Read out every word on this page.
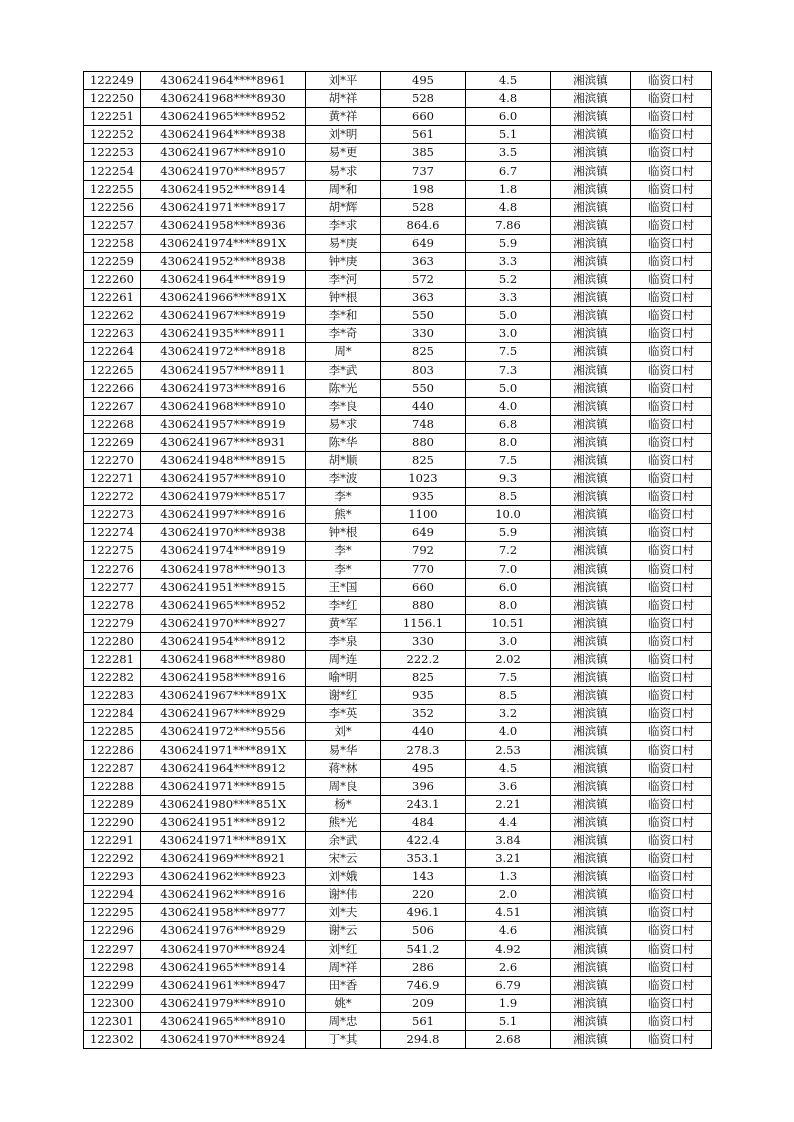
122249	4306241964****8961	刘*平	495	4.5	湘滨镇	临资口村
122250	4306241968****8930	胡*祥	528	4.8	湘滨镇	临资口村
122251	4306241965****8952	黄*祥	660	6.0	湘滨镇	临资口村
122252	4306241964****8938	刘*明	561	5.1	湘滨镇	临资口村
122253	4306241967****8910	易*更	385	3.5	湘滨镇	临资口村
122254	4306241970****8957	易*求	737	6.7	湘滨镇	临资口村
122255	4306241952****8914	周*和	198	1.8	湘滨镇	临资口村
122256	4306241971****8917	胡*辉	528	4.8	湘滨镇	临资口村
122257	4306241958****8936	李*求	864.6	7.86	湘滨镇	临资口村
122258	4306241974****891X	易*庚	649	5.9	湘滨镇	临资口村
122259	4306241952****8938	钟*庚	363	3.3	湘滨镇	临资口村
122260	4306241964****8919	李*河	572	5.2	湘滨镇	临资口村
122261	4306241966****891X	钟*根	363	3.3	湘滨镇	临资口村
122262	4306241967****8919	李*和	550	5.0	湘滨镇	临资口村
122263	4306241935****8911	李*奇	330	3.0	湘滨镇	临资口村
122264	4306241972****8918	周*	825	7.5	湘滨镇	临资口村
122265	4306241957****8911	李*武	803	7.3	湘滨镇	临资口村
122266	4306241973****8916	陈*光	550	5.0	湘滨镇	临资口村
122267	4306241968****8910	李*良	440	4.0	湘滨镇	临资口村
122268	4306241957****8919	易*求	748	6.8	湘滨镇	临资口村
122269	4306241967****8931	陈*华	880	8.0	湘滨镇	临资口村
122270	4306241948****8915	胡*顺	825	7.5	湘滨镇	临资口村
122271	4306241957****8910	李*波	1023	9.3	湘滨镇	临资口村
122272	4306241979****8517	李*	935	8.5	湘滨镇	临资口村
122273	4306241997****8916	熊*	1100	10.0	湘滨镇	临资口村
122274	4306241970****8938	钟*根	649	5.9	湘滨镇	临资口村
122275	4306241974****8919	李*	792	7.2	湘滨镇	临资口村
122276	4306241978****9013	李*	770	7.0	湘滨镇	临资口村
122277	4306241951****8915	王*国	660	6.0	湘滨镇	临资口村
122278	4306241965****8952	李*红	880	8.0	湘滨镇	临资口村
122279	4306241970****8927	黄*军	1156.1	10.51	湘滨镇	临资口村
122280	4306241954****8912	李*泉	330	3.0	湘滨镇	临资口村
122281	4306241968****8980	周*连	222.2	2.02	湘滨镇	临资口村
122282	4306241958****8916	喻*明	825	7.5	湘滨镇	临资口村
122283	4306241967****891X	谢*红	935	8.5	湘滨镇	临资口村
122284	4306241967****8929	李*英	352	3.2	湘滨镇	临资口村
122285	4306241972****9556	刘*	440	4.0	湘滨镇	临资口村
122286	4306241971****891X	易*华	278.3	2.53	湘滨镇	临资口村
122287	4306241964****8912	蒋*林	495	4.5	湘滨镇	临资口村
122288	4306241971****8915	周*良	396	3.6	湘滨镇	临资口村
122289	4306241980****851X	杨*	243.1	2.21	湘滨镇	临资口村
122290	4306241951****8912	熊*光	484	4.4	湘滨镇	临资口村
122291	4306241971****891X	余*武	422.4	3.84	湘滨镇	临资口村
122292	4306241969****8921	宋*云	353.1	3.21	湘滨镇	临资口村
122293	4306241962****8923	刘*娥	143	1.3	湘滨镇	临资口村
122294	4306241962****8916	谢*伟	220	2.0	湘滨镇	临资口村
122295	4306241958****8977	刘*夫	496.1	4.51	湘滨镇	临资口村
122296	4306241976****8929	谢*云	506	4.6	湘滨镇	临资口村
122297	4306241970****8924	刘*红	541.2	4.92	湘滨镇	临资口村
122298	4306241965****8914	周*祥	286	2.6	湘滨镇	临资口村
122299	4306241961****8947	田*香	746.9	6.79	湘滨镇	临资口村
122300	4306241979****8910	姚*	209	1.9	湘滨镇	临资口村
122301	4306241965****8910	周*忠	561	5.1	湘滨镇	临资口村
122302	4306241970****8924	丁*其	294.8	2.68	湘滨镇	临资口村
